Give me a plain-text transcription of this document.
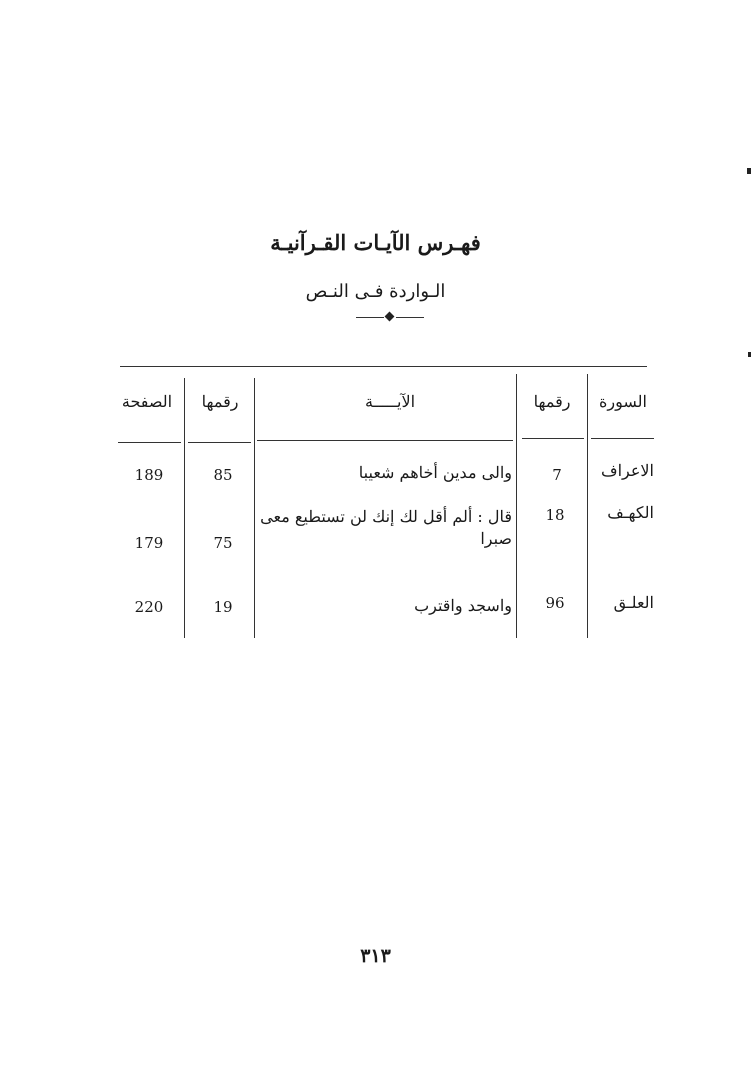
فهـرس الآيـات القـرآنيـة
الـواردة فـى النـص
السورة
رقمها
الآيـــــة
رقمها
الصفحة
الاعراف
7
والى مدين أخاهم شعيبا
85
189
الكهـف
18
قال : ألم أقل لك إنك لن تستطيع معى صبرا
75
179
العلـق
96
واسجد واقترب
19
220
٣١٣
